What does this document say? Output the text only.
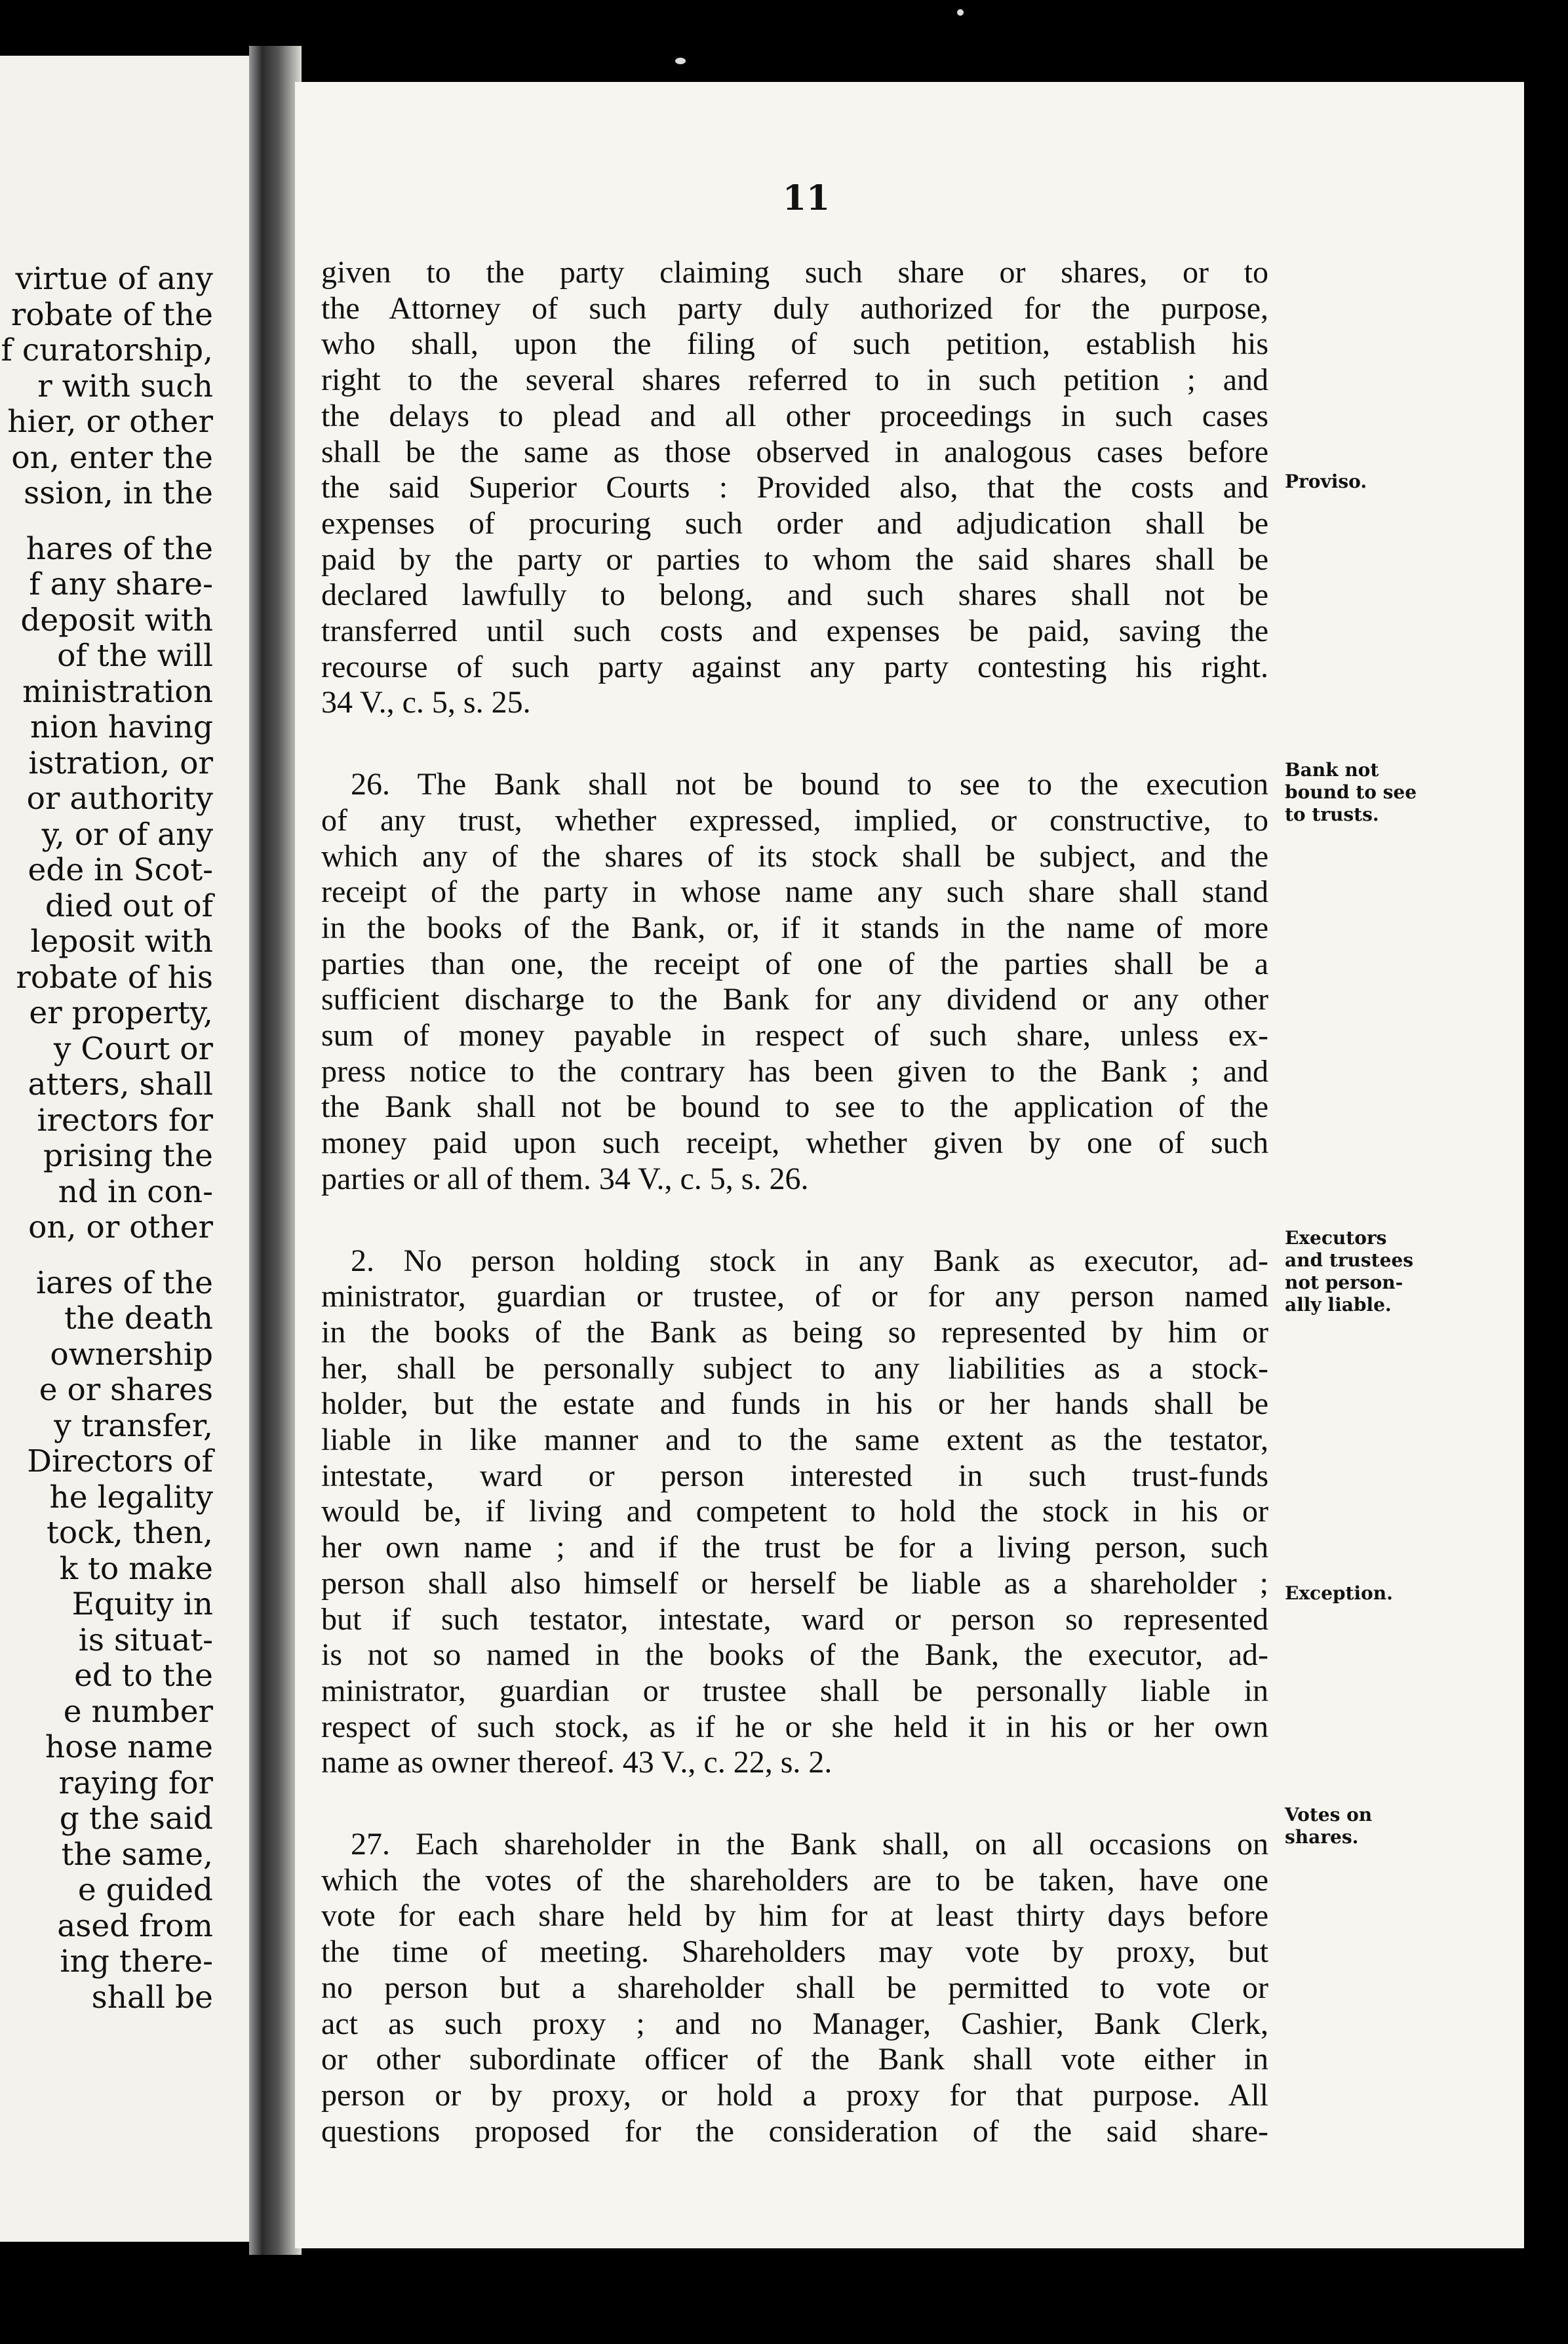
virtue of any
robate of the
f curatorship,
r with such
hier, or other
on, enter the
ssion, in the
hares of the
f any share-
deposit with
of the will
ministration
nion having
istration, or
or authority
y, or of any
ede in Scot-
died out of
leposit with
robate of his
er property,
y Court or
atters, shall
irectors for
prising the
nd in con-
on, or other
iares of the
the death
ownership
e or shares
y transfer,
Directors of
he legality
tock, then,
k to make
Equity in
is situat-
ed to the
e number
hose name
raying for
g the said
the same,
e guided
ased from
ing there-
shall be
11
given to the party claiming such share or shares, or to
the Attorney of such party duly authorized for the purpose,
who shall, upon the filing of such petition, establish his
right to the several shares referred to in such petition ; and
the delays to plead and all other proceedings in such cases
shall be the same as those observed in analogous cases before
the said Superior Courts : Provided also, that the costs and
expenses of procuring such order and adjudication shall be
paid by the party or parties to whom the said shares shall be
declared lawfully to belong, and such shares shall not be
transferred until such costs and expenses be paid, saving the
recourse of such party against any party contesting his right.
34 V., c. 5, s. 25.
26. The Bank shall not be bound to see to the execution
of any trust, whether expressed, implied, or constructive, to
which any of the shares of its stock shall be subject, and the
receipt of the party in whose name any such share shall stand
in the books of the Bank, or, if it stands in the name of more
parties than one, the receipt of one of the parties shall be a
sufficient discharge to the Bank for any dividend or any other
sum of money payable in respect of such share, unless ex-
press notice to the contrary has been given to the Bank ; and
the Bank shall not be bound to see to the application of the
money paid upon such receipt, whether given by one of such
parties or all of them. 34 V., c. 5, s. 26.
2. No person holding stock in any Bank as executor, ad-
ministrator, guardian or trustee, of or for any person named
in the books of the Bank as being so represented by him or
her, shall be personally subject to any liabilities as a stock-
holder, but the estate and funds in his or her hands shall be
liable in like manner and to the same extent as the testator,
intestate, ward or person interested in such trust-funds
would be, if living and competent to hold the stock in his or
her own name ; and if the trust be for a living person, such
person shall also himself or herself be liable as a shareholder ;
but if such testator, intestate, ward or person so represented
is not so named in the books of the Bank, the executor, ad-
ministrator, guardian or trustee shall be personally liable in
respect of such stock, as if he or she held it in his or her own
name as owner thereof. 43 V., c. 22, s. 2.
27. Each shareholder in the Bank shall, on all occasions on
which the votes of the shareholders are to be taken, have one
vote for each share held by him for at least thirty days before
the time of meeting. Shareholders may vote by proxy, but
no person but a shareholder shall be permitted to vote or
act as such proxy ; and no Manager, Cashier, Bank Clerk,
or other subordinate officer of the Bank shall vote either in
person or by proxy, or hold a proxy for that purpose. All
questions proposed for the consideration of the said share-
Proviso.
Bank not
bound to see
to trusts.
Executors
and trustees
not person-
ally liable.
Exception.
Votes on
shares.
